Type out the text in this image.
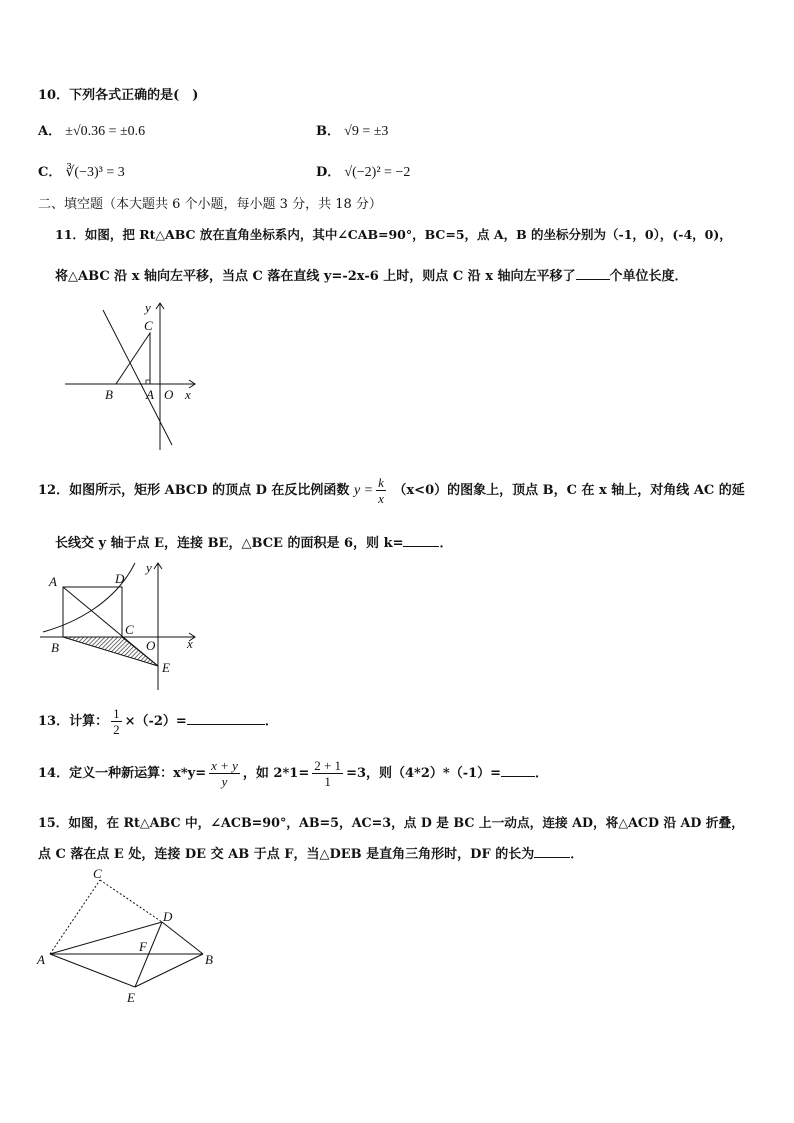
10．下列各式正确的是(　)
A． ±√0.36 = ±0.6	B． √9 = ±3
C． ∛(−3)³ = 3	D． √(−2)² = −2
二、填空题（本大题共 6 个小题，每小题 3 分，共 18 分）
11．如图，把 Rt△ABC 放在直角坐标系内，其中∠CAB=90°，BC=5，点 A，B 的坐标分别为（-1，0），(-4，0)，
将△ABC 沿 x 轴向左平移，当点 C 落在直线 y=-2x-6 上时，则点 C 沿 x 轴向左平移了	个单位长度．
y
C
B	A O x
12．如图所示，矩形 ABCD 的顶点 D 在反比例函数 $y = \frac{k}{x} (x<0)$的图象上，顶点 B，C 在 x 轴上，对角线 AC 的延
长线交 y 轴于点 E，连接 BE，△BCE 的面积是 6，则 k=	．
A	D
y
C
B	O x
E
13．计算： $\frac{1}{2} \times(-2)=$	．
14．定义一种新运算：$x*y= \frac{x + y}{y}$ ，如 $2*1= \frac{2 + 1}{1} =3$，则（4*2）*（-1）=	．
15．如图，在 Rt△ABC 中，∠ACB=90°，AB=5，AC=3，点 D 是 BC 上一动点，连接 AD，将△ACD 沿 AD 折叠，
点 C 落在点 E 处，连接 DE 交 AB 于点 F，当△DEB 是直角三角形时，DF 的长为	．
C
D
F
A	B
E
